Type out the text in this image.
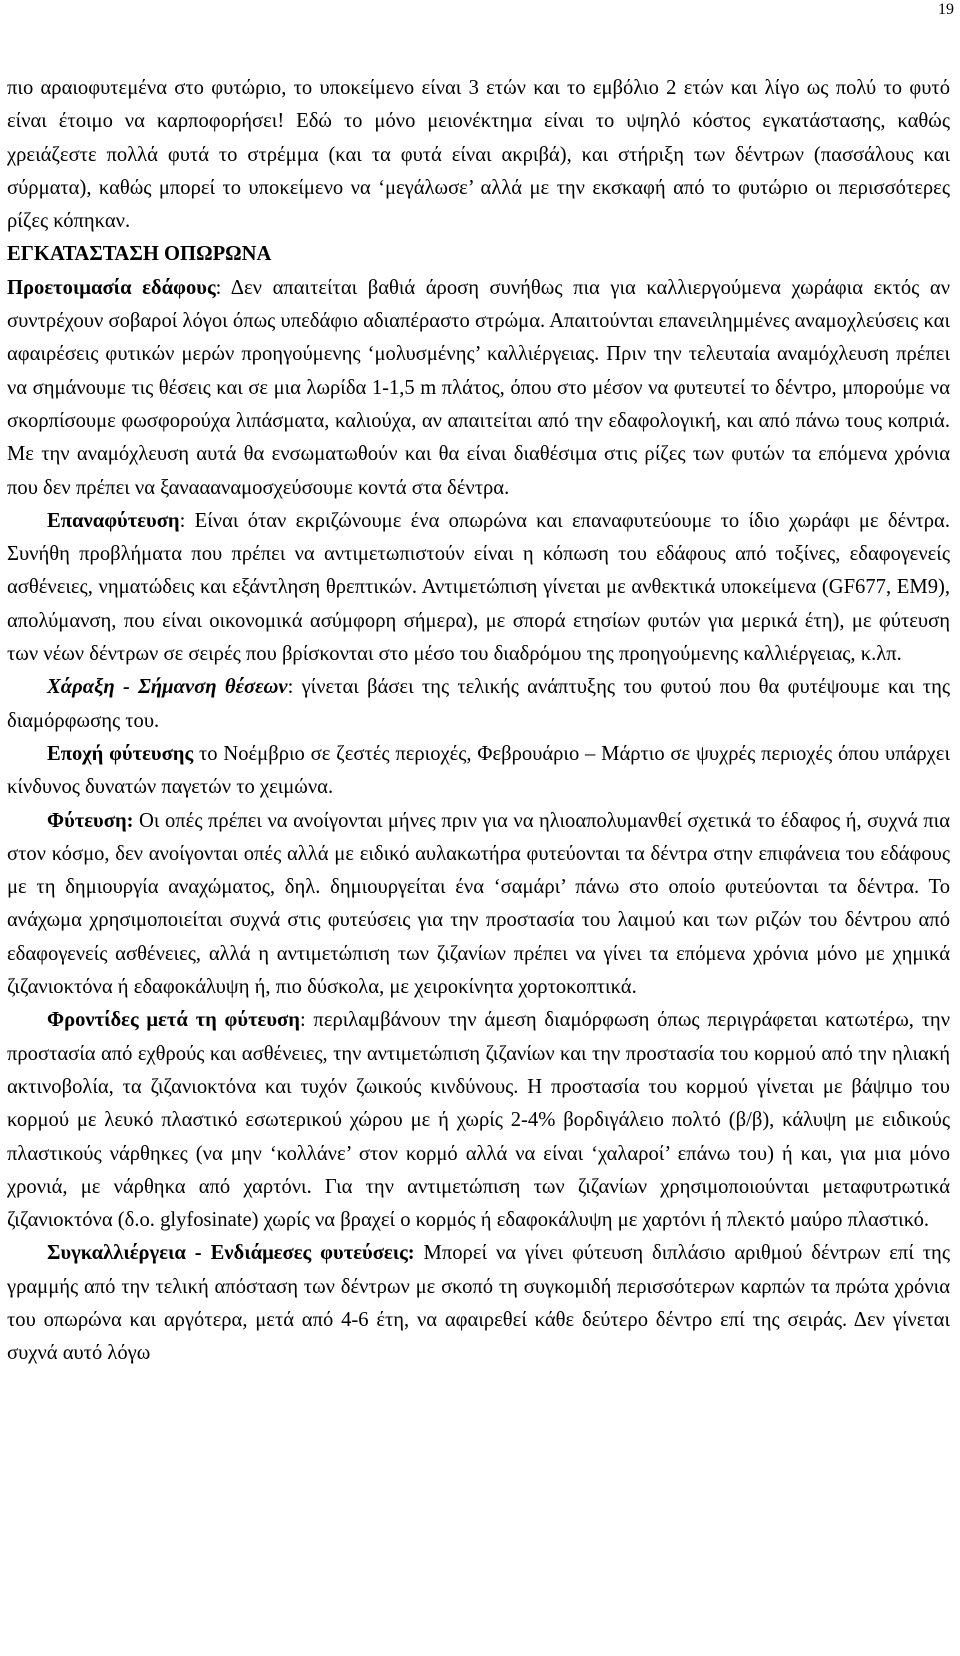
19

πιο αραιοφυτεμένα στο φυτώριο, το υποκείμενο είναι 3 ετών και το εμβόλιο 2 ετών και λίγο ως πολύ το φυτό είναι έτοιμο να καρποφορήσει! Εδώ το μόνο μειονέκτημα είναι το υψηλό κόστος εγκατάστασης, καθώς χρειάζεστε πολλά φυτά το στρέμμα (και τα φυτά είναι ακριβά), και στήριξη των δέντρων (πασσάλους και σύρματα), καθώς μπορεί το υποκείμενο να ‘μεγάλωσε’ αλλά με την εκσκαφή από το φυτώριο οι περισσότερες ρίζες κόπηκαν.

ΕΓΚΑΤΑΣΤΑΣΗ ΟΠΩΡΩΝΑ
Προετοιμασία εδάφους: Δεν απαιτείται βαθιά άροση συνήθως πια για καλλιεργούμενα χωράφια εκτός αν συντρέχουν σοβαροί λόγοι όπως υπεδάφιο αδιαπέραστο στρώμα. Απαιτούνται επανειλημμένες αναμοχλεύσεις και αφαιρέσεις φυτικών μερών προηγούμενης ‘μολυσμένης’ καλλιέργειας. Πριν την τελευταία αναμόχλευση πρέπει να σημάνουμε τις θέσεις και σε μια λωρίδα 1-1,5 m πλάτος, όπου στο μέσον να φυτευτεί το δέντρο, μπορούμε να σκορπίσουμε φωσφορούχα λιπάσματα, καλιούχα, αν απαιτείται από την εδαφολογική, και από πάνω τους κοπριά. Με την αναμόχλευση αυτά θα ενσωματωθούν και θα είναι διαθέσιμα στις ρίζες των φυτών τα επόμενα χρόνια που δεν πρέπει να ξαναααναμοσχεύσουμε κοντά στα δέντρα.

Επαναφύτευση: Είναι όταν εκριζώνουμε ένα οπωρώνα και επαναφυτεύουμε το ίδιο χωράφι με δέντρα. Συνήθη προβλήματα που πρέπει να αντιμετωπιστούν είναι η κόπωση του εδάφους από τοξίνες, εδαφογενείς ασθένειες, νηματώδεις και εξάντληση θρεπτικών. Αντιμετώπιση γίνεται με ανθεκτικά υποκείμενα (GF677, EM9), απολύμανση, που είναι οικονομικά ασύμφορη σήμερα), με σπορά ετησίων φυτών για μερικά έτη), με φύτευση των νέων δέντρων σε σειρές που βρίσκονται στο μέσο του διαδρόμου της προηγούμενης καλλιέργειας, κ.λπ.

Χάραξη - Σήμανση θέσεων: γίνεται βάσει της τελικής ανάπτυξης του φυτού που θα φυτέψουμε και της διαμόρφωσης του.

Εποχή φύτευσης το Νοέμβριο σε ζεστές περιοχές, Φεβρουάριο – Μάρτιο σε ψυχρές περιοχές όπου υπάρχει κίνδυνος δυνατών παγετών το χειμώνα.

Φύτευση: Οι οπές πρέπει να ανοίγονται μήνες πριν για να ηλιοαπολυμανθεί σχετικά το έδαφος ή, συχνά πια στον κόσμο, δεν ανοίγονται οπές αλλά με ειδικό αυλακωτήρα φυτεύονται τα δέντρα στην επιφάνεια του εδάφους με τη δημιουργία αναχώματος, δηλ. δημιουργείται ένα ‘σαμάρι’ πάνω στο οποίο φυτεύονται τα δέντρα. Το ανάχωμα χρησιμοποιείται συχνά στις φυτεύσεις για την προστασία του λαιμού και των ριζών του δέντρου από εδαφογενείς ασθένειες, αλλά η αντιμετώπιση των ζιζανίων πρέπει να γίνει τα επόμενα χρόνια μόνο με χημικά ζιζανιοκτόνα ή εδαφοκάλυψη ή, πιο δύσκολα, με χειροκίνητα χορτοκοπτικά.

Φροντίδες μετά τη φύτευση: περιλαμβάνουν την άμεση διαμόρφωση όπως περιγράφεται κατωτέρω, την προστασία από εχθρούς και ασθένειες, την αντιμετώπιση ζιζανίων και την προστασία του κορμού από την ηλιακή ακτινοβολία, τα ζιζανιοκτόνα και τυχόν ζωικούς κινδύνους. Η προστασία του κορμού γίνεται με βάψιμο του κορμού με λευκό πλαστικό εσωτερικού χώρου με ή χωρίς 2-4% βορδιγάλειο πολτό (β/β), κάλυψη με ειδικούς πλαστικούς νάρθηκες (να μην ‘κολλάνε’ στον κορμό αλλά να είναι ‘χαλαροί’ επάνω του) ή και, για μια μόνο χρονιά, με νάρθηκα από χαρτόνι. Για την αντιμετώπιση των ζιζανίων χρησιμοποιούνται μεταφυτρωτικά ζιζανιοκτόνα (δ.ο. glyfosinate) χωρίς να βραχεί ο κορμός ή εδαφοκάλυψη με χαρτόνι ή πλεκτό μαύρο πλαστικό.

Συγκαλλιέργεια - Ενδιάμεσες φυτεύσεις: Μπορεί να γίνει φύτευση διπλάσιο αριθμού δέντρων επί της γραμμής από την τελική απόσταση των δέντρων με σκοπό τη συγκομιδή περισσότερων καρπών τα πρώτα χρόνια του οπωρώνα και αργότερα, μετά από 4-6 έτη, να αφαιρεθεί κάθε δεύτερο δέντρο επί της σειράς. Δεν γίνεται συχνά αυτό λόγω
